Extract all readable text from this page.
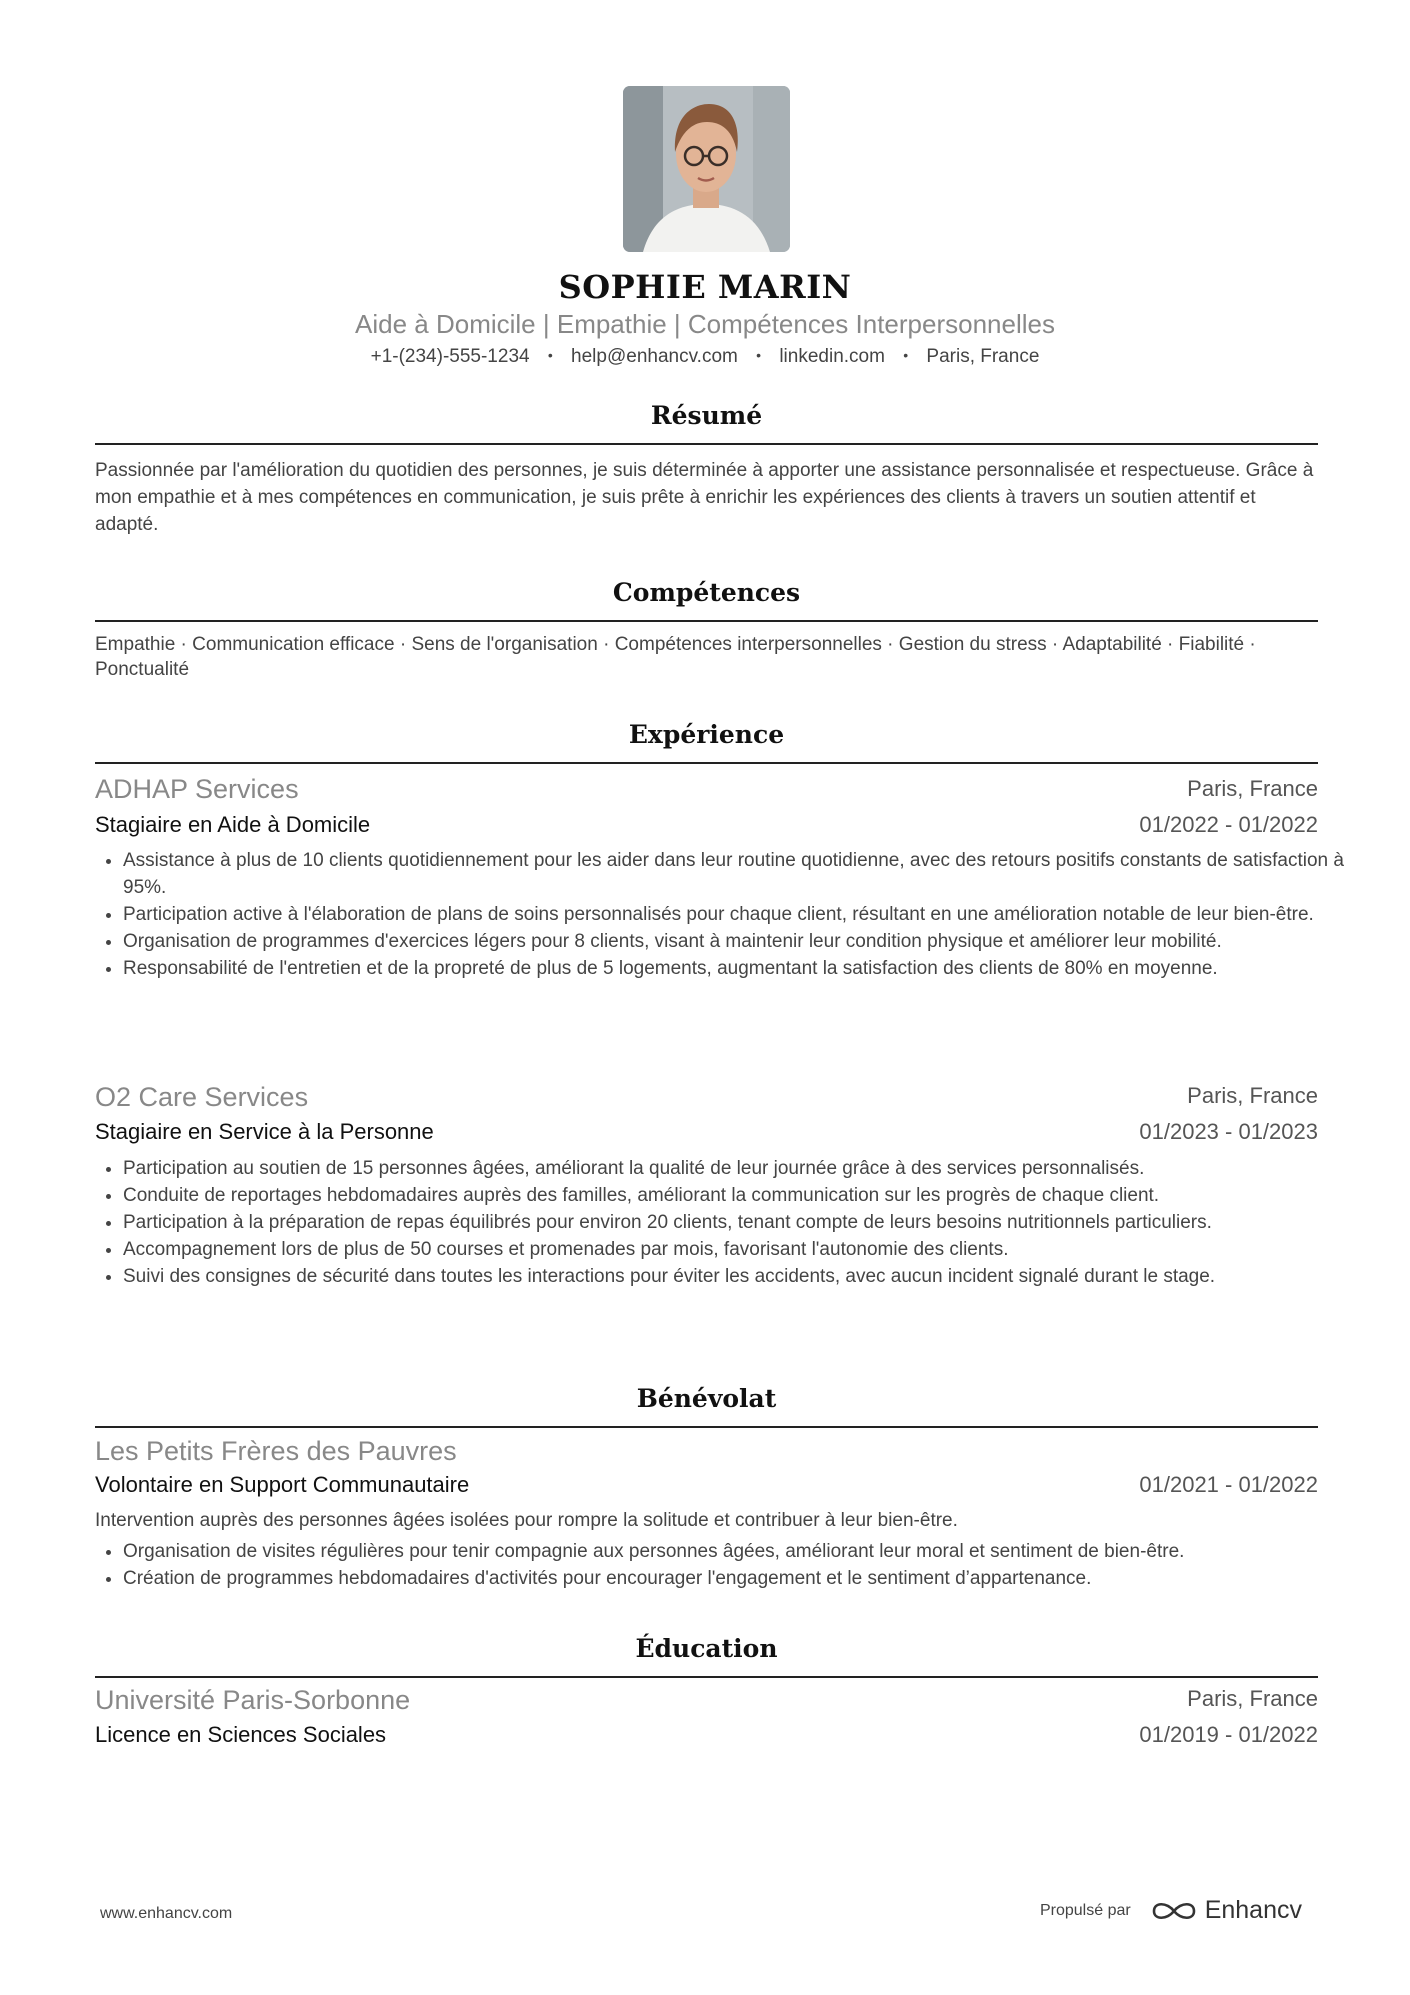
SOPHIE MARIN
Aide à Domicile | Empathie | Compétences Interpersonnelles
+1-(234)-555-1234 • help@enhancv.com • linkedin.com • Paris, France
Résumé
Passionnée par l'amélioration du quotidien des personnes, je suis déterminée à apporter une assistance personnalisée et respectueuse. Grâce à mon empathie et à mes compétences en communication, je suis prête à enrichir les expériences des clients à travers un soutien attentif et adapté.
Compétences
Empathie · Communication efficace · Sens de l'organisation · Compétences interpersonnelles · Gestion du stress · Adaptabilité · Fiabilité · Ponctualité
Expérience
ADHAP Services	Paris, France
Stagiaire en Aide à Domicile	01/2022 - 01/2022
• Assistance à plus de 10 clients quotidiennement pour les aider dans leur routine quotidienne, avec des retours positifs constants de satisfaction à 95%.
• Participation active à l'élaboration de plans de soins personnalisés pour chaque client, résultant en une amélioration notable de leur bien-être.
• Organisation de programmes d'exercices légers pour 8 clients, visant à maintenir leur condition physique et améliorer leur mobilité.
• Responsabilité de l'entretien et de la propreté de plus de 5 logements, augmentant la satisfaction des clients de 80% en moyenne.
O2 Care Services	Paris, France
Stagiaire en Service à la Personne	01/2023 - 01/2023
• Participation au soutien de 15 personnes âgées, améliorant la qualité de leur journée grâce à des services personnalisés.
• Conduite de reportages hebdomadaires auprès des familles, améliorant la communication sur les progrès de chaque client.
• Participation à la préparation de repas équilibrés pour environ 20 clients, tenant compte de leurs besoins nutritionnels particuliers.
• Accompagnement lors de plus de 50 courses et promenades par mois, favorisant l'autonomie des clients.
• Suivi des consignes de sécurité dans toutes les interactions pour éviter les accidents, avec aucun incident signalé durant le stage.
Bénévolat
Les Petits Frères des Pauvres
Volontaire en Support Communautaire	01/2021 - 01/2022
Intervention auprès des personnes âgées isolées pour rompre la solitude et contribuer à leur bien-être.
• Organisation de visites régulières pour tenir compagnie aux personnes âgées, améliorant leur moral et sentiment de bien-être.
• Création de programmes hebdomadaires d'activités pour encourager l'engagement et le sentiment d’appartenance.
Éducation
Université Paris-Sorbonne	Paris, France
Licence en Sciences Sociales	01/2019 - 01/2022
www.enhancv.com	Propulsé par	Enhancv
